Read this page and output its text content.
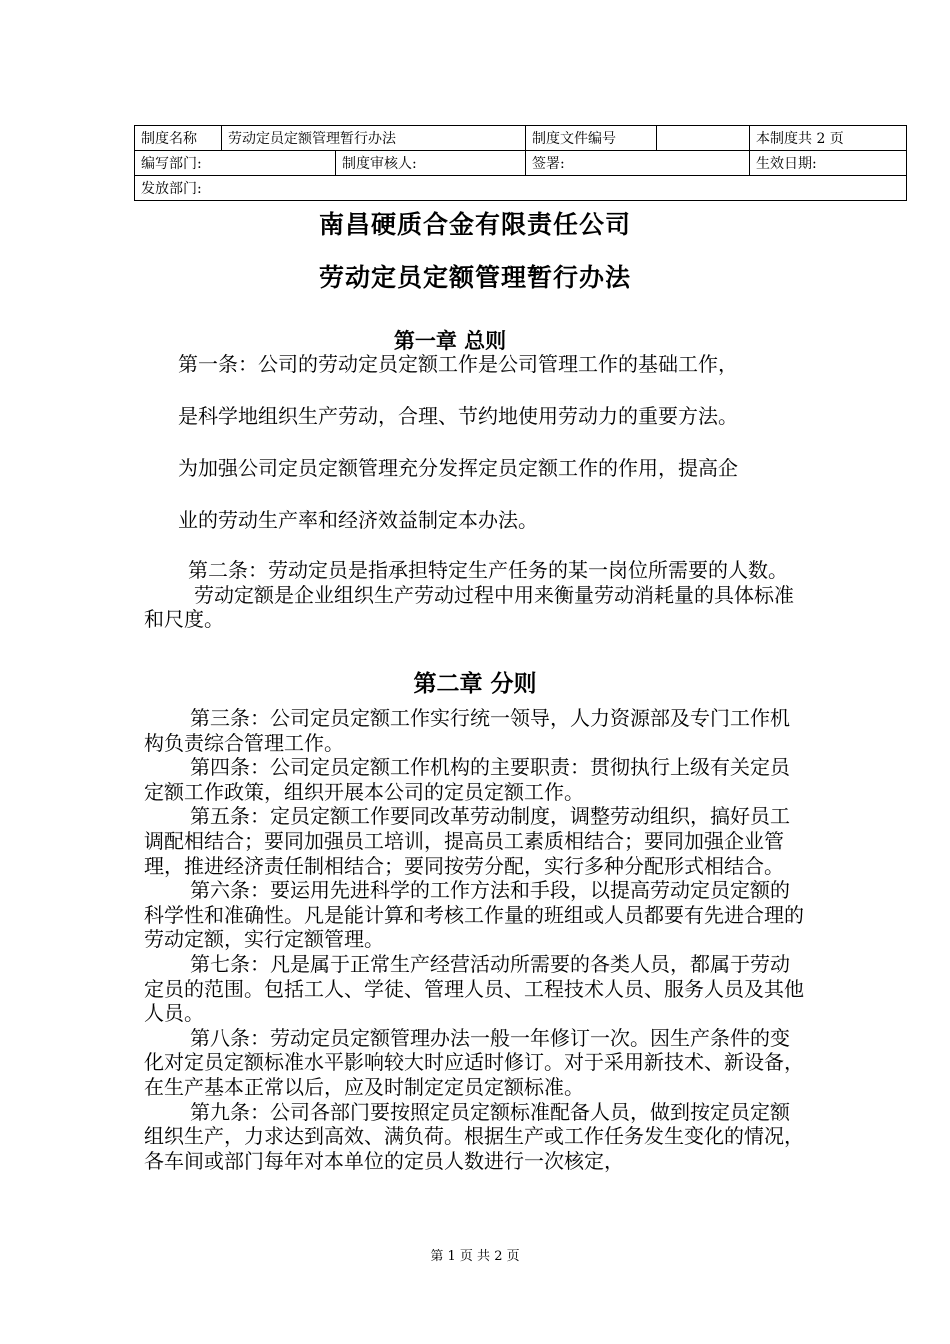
制度名称	劳动定员定额管理暂行办法		制度文件编号		本制度共 2 页
编写部门:		制度审核人:	签署:		生效日期:
发放部门:					
南昌硬质合金有限责任公司
劳动定员定额管理暂行办法
第一章 总则
第一条：公司的劳动定员定额工作是公司管理工作的基础工作，
是科学地组织生产劳动，合理、节约地使用劳动力的重要方法。
为加强公司定员定额管理充分发挥定员定额工作的作用，提高企
业的劳动生产率和经济效益制定本办法。

第二条：劳动定员是指承担特定生产任务的某一岗位所需要的人数。

劳动定额是企业组织生产劳动过程中用来衡量劳动消耗量的具体标准和尺度。

第二章 分则

第三条：公司定员定额工作实行统一领导，人力资源部及专门工作机构负责综合管理工作。

第四条：公司定员定额工作机构的主要职责：贯彻执行上级有关定员定额工作政策，组织开展本公司的定员定额工作。

第五条：定员定额工作要同改革劳动制度，调整劳动组织，搞好员工调配相结合；要同加强员工培训，提高员工素质相结合；要同加强企业管理，推进经济责任制相结合；要同按劳分配，实行多种分配形式相结合。

第六条：要运用先进科学的工作方法和手段，以提高劳动定员定额的科学性和准确性。凡是能计算和考核工作量的班组或人员都要有先进合理的劳动定额，实行定额管理。

第七条：凡是属于正常生产经营活动所需要的各类人员，都属于劳动定员的范围。包括工人、学徒、管理人员、工程技术人员、服务人员及其他人员。

第八条：劳动定员定额管理办法一般一年修订一次。因生产条件的变化对定员定额标准水平影响较大时应适时修订。对于采用新技术、新设备，在生产基本正常以后，应及时制定定员定额标准。

第九条：公司各部门要按照定员定额标准配备人员，做到按定员定额组织生产，力求达到高效、满负荷。根据生产或工作任务发生变化的情况，各车间或部门每年对本单位的定员人数进行一次核定，

第 1 页 共 2 页
